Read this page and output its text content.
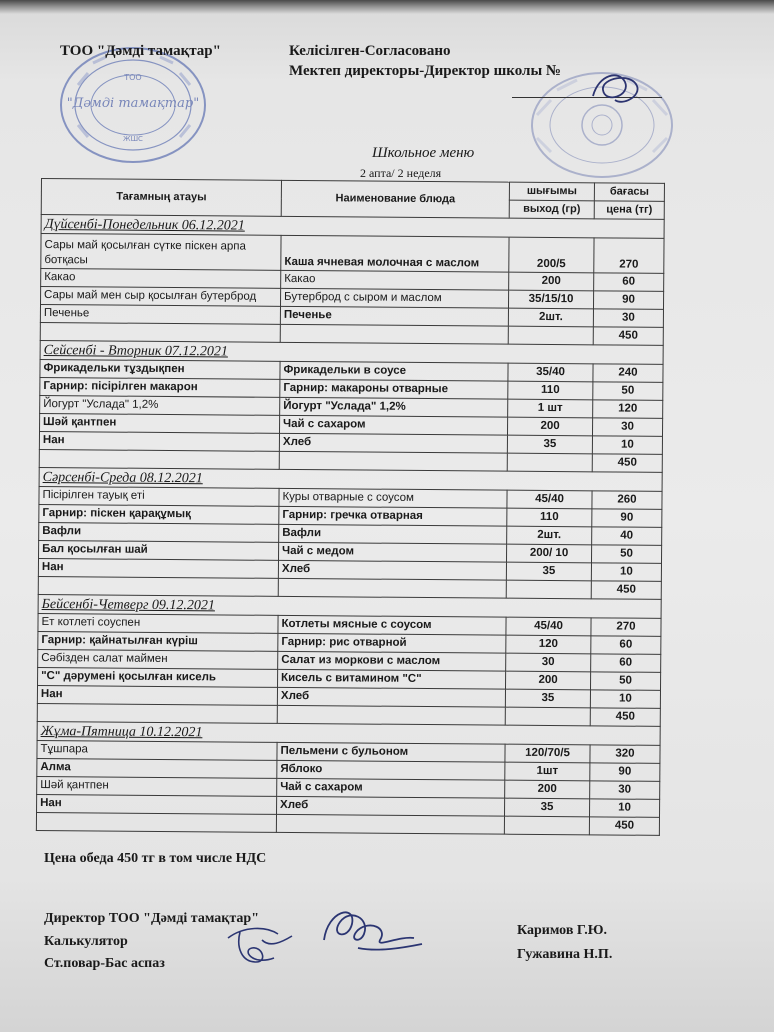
ТОО
"Дәмді тамақтар"
ЖШС
ТОО "Дәмді тамақтар"	Келісілген-Согласовано
Мектеп директоры-Директор школы №
Школьное меню
2 апта/ 2 неделя
Тағамның атауы	Наименование блюда	шығымы	бағасы
		выход (гр)	цена (тг)
Дүйсенбі-Понедельник 06.12.2021			
Сары май қосылған сүтке піскен арпа ботқасы	Каша ячневая молочная с маслом	200/5	270
Какао	Какао	200	60
Сары май мен сыр қосылған бутерброд	Бутерброд с сыром и маслом	35/15/10	90
Печенье	Печенье	2шт.	30
			450
Сейсенбі - Вторник 07.12.2021			
Фрикадельки тұздықпен	Фрикадельки в соусе	35/40	240
Гарнир: пісірілген макарон	Гарнир: макароны отварные	110	50
Йогурт "Услада" 1,2%	Йогурт "Услада" 1,2%	1 шт	120
Шәй қантпен	Чай с сахаром	200	30
Нан	Хлеб	35	10
			450
Сәрсенбі-Среда 08.12.2021			
Пісірілген тауық еті	Куры отварные с соусом	45/40	260
Гарнир: піскен қарақұмық	Гарнир: гречка отварная	110	90
Вафли	Вафли	2шт.	40
Бал қосылған шай	Чай с медом	200/ 10	50
Нан	Хлеб	35	10
			450
Бейсенбі-Четверг 09.12.2021			
Ет котлеті соуспен	Котлеты мясные с соусом	45/40	270
Гарнир: қайнатылған күріш	Гарнир: рис отварной	120	60
Сәбізден салат маймен	Салат из моркови с маслом	30	60
"С" дәрумені қосылған кисель	Кисель с витамином "С"	200	50
Нан	Хлеб	35	10
			450
Жұма-Пятница 10.12.2021			
Тұшпара	Пельмени с бульоном	120/70/5	320
Алма	Яблоко	1шт	90
Шәй қантпен	Чай с сахаром	200	30
Нан	Хлеб	35	10
			450
Цена обеда 450 тг в том числе НДС
Директор ТОО "Дәмді тамақтар"
Калькулятор
Ст.повар-Бас аспаз
Каримов Г.Ю.
Гужавина Н.П.
